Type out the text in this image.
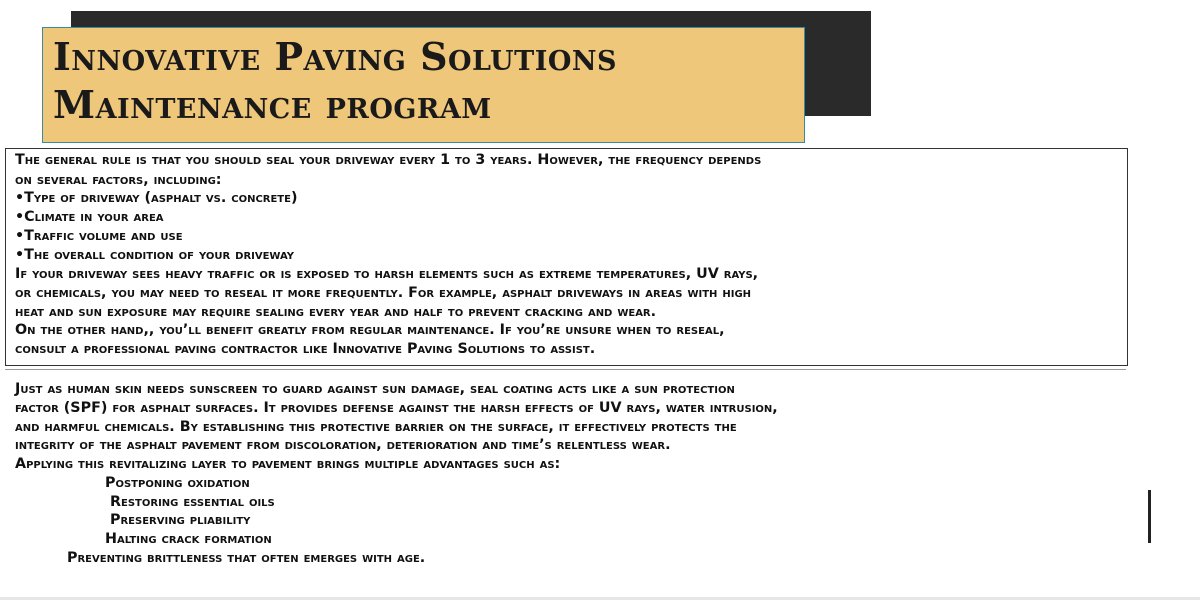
Innovative Paving Solutions
Maintenance program
The general rule is that you should seal your driveway every 1 to 3 years. However, the frequency depends
on several factors, including:
•Type of driveway (asphalt vs. concrete)
•Climate in your area
•Traffic volume and use
•The overall condition of your driveway
If your driveway sees heavy traffic or is exposed to harsh elements such as extreme temperatures, UV rays,
or chemicals, you may need to reseal it more frequently. For example, asphalt driveways in areas with high
heat and sun exposure may require sealing every year and half to prevent cracking and wear.
On the other hand,, you’ll benefit greatly from regular maintenance. If you’re unsure when to reseal,
consult a professional paving contractor like Innovative Paving Solutions to assist.
Just as human skin needs sunscreen to guard against sun damage, seal coating acts like a sun protection
factor (SPF) for asphalt surfaces. It provides defense against the harsh effects of UV rays, water intrusion,
and harmful chemicals. By establishing this protective barrier on the surface, it effectively protects the
integrity of the asphalt pavement from discoloration, deterioration and time’s relentless wear.
Applying this revitalizing layer to pavement brings multiple advantages such as:
Postponing oxidation
Restoring essential oils
Preserving pliability
Halting crack formation
Preventing brittleness that often emerges with age.
